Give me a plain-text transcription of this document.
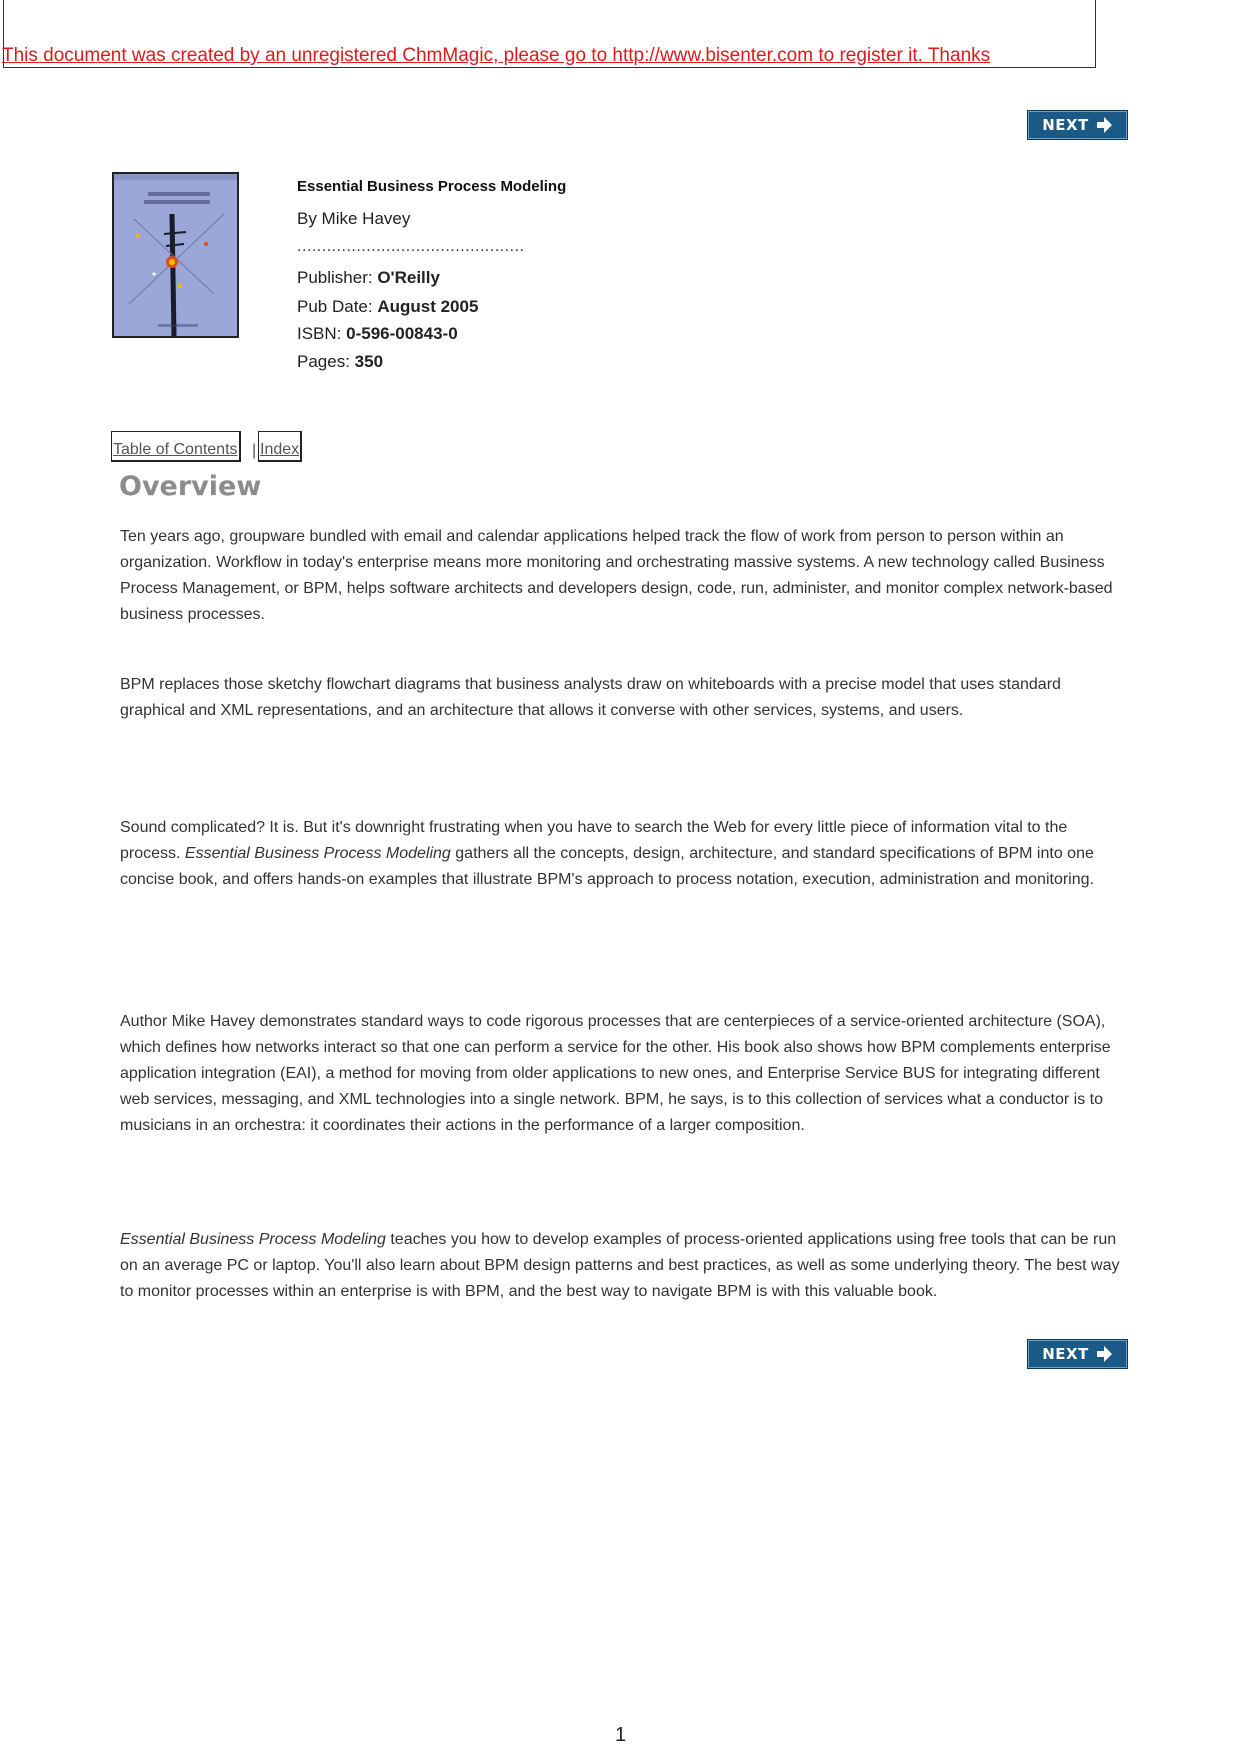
This document was created by an unregistered ChmMagic, please go to http://www.bisenter.com to register it. Thanks
NEXT
Essential Business Process Modeling
By Mike Havey
..............................................
Publisher: O'Reilly
Pub Date: August 2005
ISBN: 0-596-00843-0
Pages: 350
Table of Contents | Index
Overview

Ten years ago, groupware bundled with email and calendar applications helped track the flow of work from person to person within an organization. Workflow in today's enterprise means more monitoring and orchestrating massive systems. A new technology called Business Process Management, or BPM, helps software architects and developers design, code, run, administer, and monitor complex network-based business processes.

BPM replaces those sketchy flowchart diagrams that business analysts draw on whiteboards with a precise model that uses standard graphical and XML representations, and an architecture that allows it converse with other services, systems, and users.

Sound complicated? It is. But it's downright frustrating when you have to search the Web for every little piece of information vital to the process. Essential Business Process Modeling gathers all the concepts, design, architecture, and standard specifications of BPM into one concise book, and offers hands-on examples that illustrate BPM's approach to process notation, execution, administration and monitoring.

Author Mike Havey demonstrates standard ways to code rigorous processes that are centerpieces of a service-oriented architecture (SOA), which defines how networks interact so that one can perform a service for the other. His book also shows how BPM complements enterprise application integration (EAI), a method for moving from older applications to new ones, and Enterprise Service BUS for integrating different web services, messaging, and XML technologies into a single network. BPM, he says, is to this collection of services what a conductor is to musicians in an orchestra: it coordinates their actions in the performance of a larger composition.

Essential Business Process Modeling teaches you how to develop examples of process-oriented applications using free tools that can be run on an average PC or laptop. You'll also learn about BPM design patterns and best practices, as well as some underlying theory. The best way to monitor processes within an enterprise is with BPM, and the best way to navigate BPM is with this valuable book.

NEXT
1
